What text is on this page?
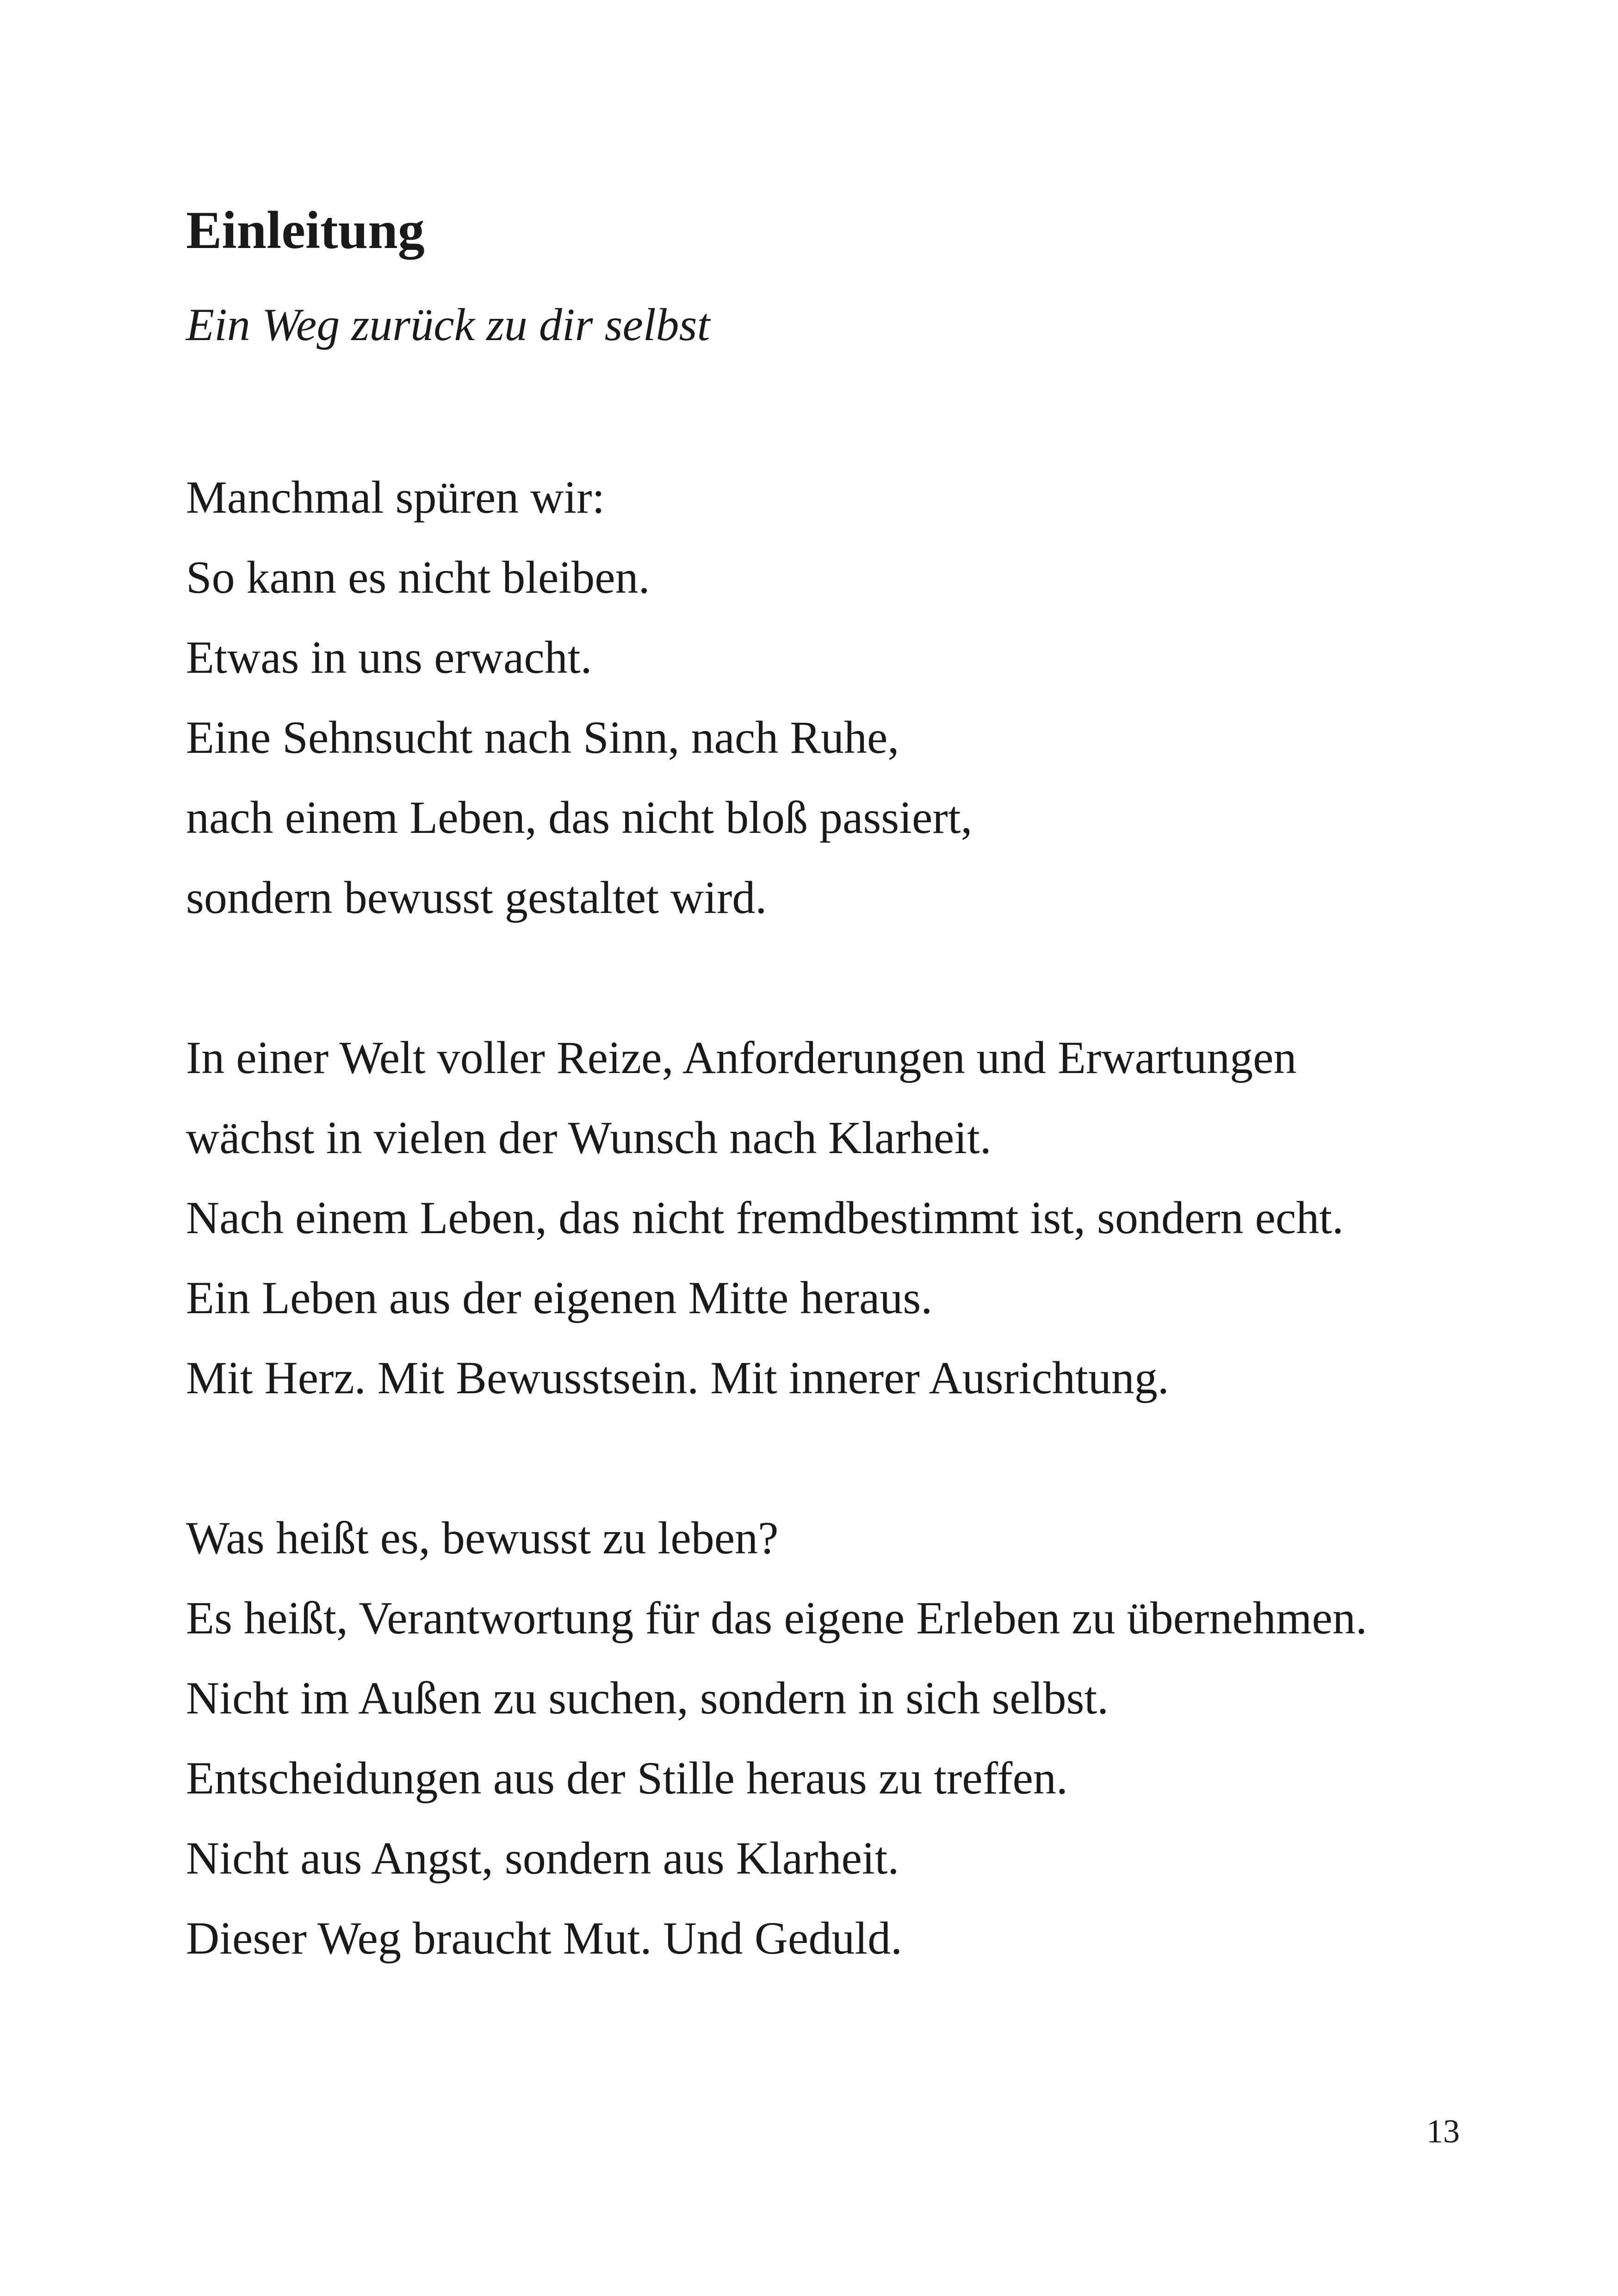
Einleitung

Ein Weg zurück zu dir selbst

Manchmal spüren wir:
So kann es nicht bleiben.
Etwas in uns erwacht.
Eine Sehnsucht nach Sinn, nach Ruhe,
nach einem Leben, das nicht bloß passiert,
sondern bewusst gestaltet wird.

In einer Welt voller Reize, Anforderungen und Erwartungen
wächst in vielen der Wunsch nach Klarheit.
Nach einem Leben, das nicht fremdbestimmt ist, sondern echt.
Ein Leben aus der eigenen Mitte heraus.
Mit Herz. Mit Bewusstsein. Mit innerer Ausrichtung.

Was heißt es, bewusst zu leben?
Es heißt, Verantwortung für das eigene Erleben zu übernehmen.
Nicht im Außen zu suchen, sondern in sich selbst.
Entscheidungen aus der Stille heraus zu treffen.
Nicht aus Angst, sondern aus Klarheit.
Dieser Weg braucht Mut. Und Geduld.

13
